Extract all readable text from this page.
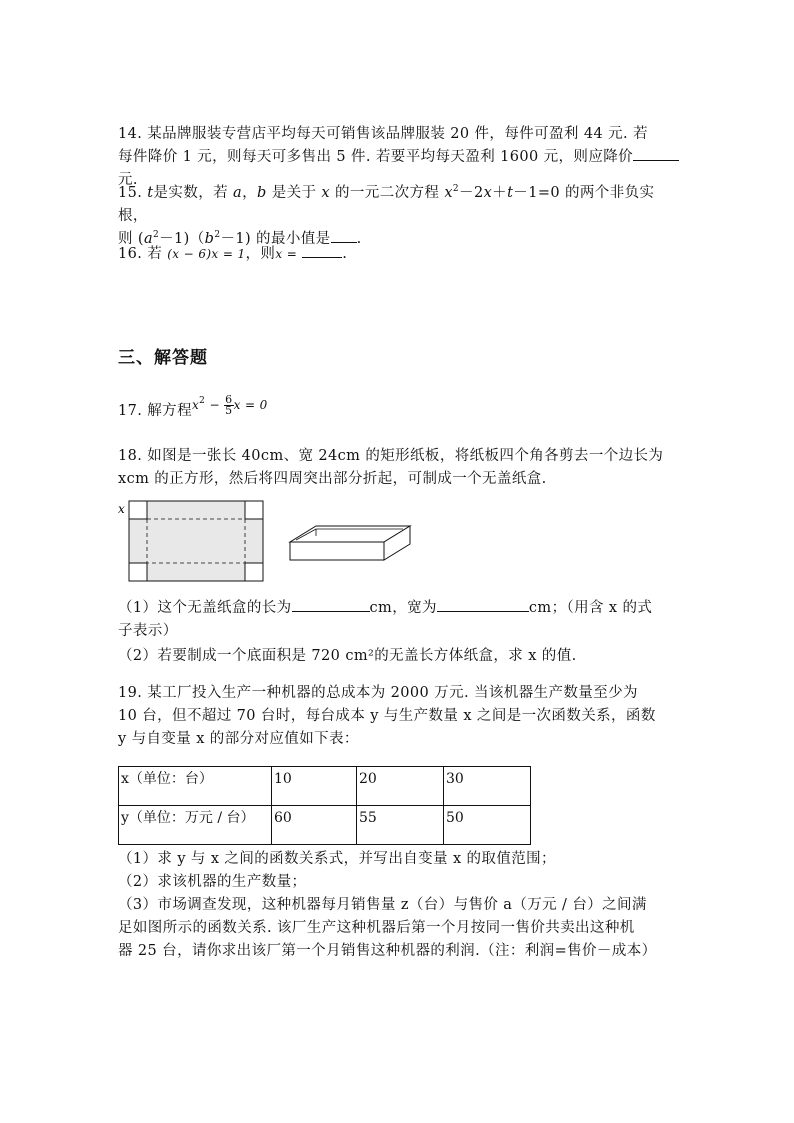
14. 某品牌服装专营店平均每天可销售该品牌服装 20 件，每件可盈利 44 元. 若
每件降价 1 元，则每天可多售出 5 件. 若要平均每天盈利 1600 元，则应降价
元.
15. t是实数，若 a，b 是关于 x 的一元二次方程 $x^2-2x+t-1=0$ 的两个非负实根，
则 $(a^2-1)(b^2-1)$ 的最小值是 .
16. 若 (x − 6)x = 1，则x =	.
三、解答题
17. 解方程$^{x2}$ $^- \frac{6}{5} ^{x = 0}$
18. 如图是一张长 40cm、宽 24cm 的矩形纸板，将纸板四个角各剪去一个边长为
xcm 的正方形，然后将四周突出部分折起，可制成一个无盖纸盒.
x
（1）这个无盖纸盒的长为	cm，宽为	cm；（用含 x 的式
子表示）
（2）若要制成一个底面积是 720 cm²的无盖长方体纸盒，求 x 的值.
19. 某工厂投入生产一种机器的总成本为 2000 万元. 当该机器生产数量至少为
10 台，但不超过 70 台时，每台成本 y 与生产数量 x 之间是一次函数关系，函数
y 与自变量 x 的部分对应值如下表：
x（单位：台）	10	20	30
y（单位：万元 / 台）	60	55	50
（1）求 y 与 x 之间的函数关系式，并写出自变量 x 的取值范围；
（2）求该机器的生产数量；
（3）市场调查发现，这种机器每月销售量 z（台）与售价 a（万元 / 台）之间满
足如图所示的函数关系. 该厂生产这种机器后第一个月按同一售价共卖出这种机
器 25 台，请你求出该厂第一个月销售这种机器的利润.（注：利润=售价－成本）
